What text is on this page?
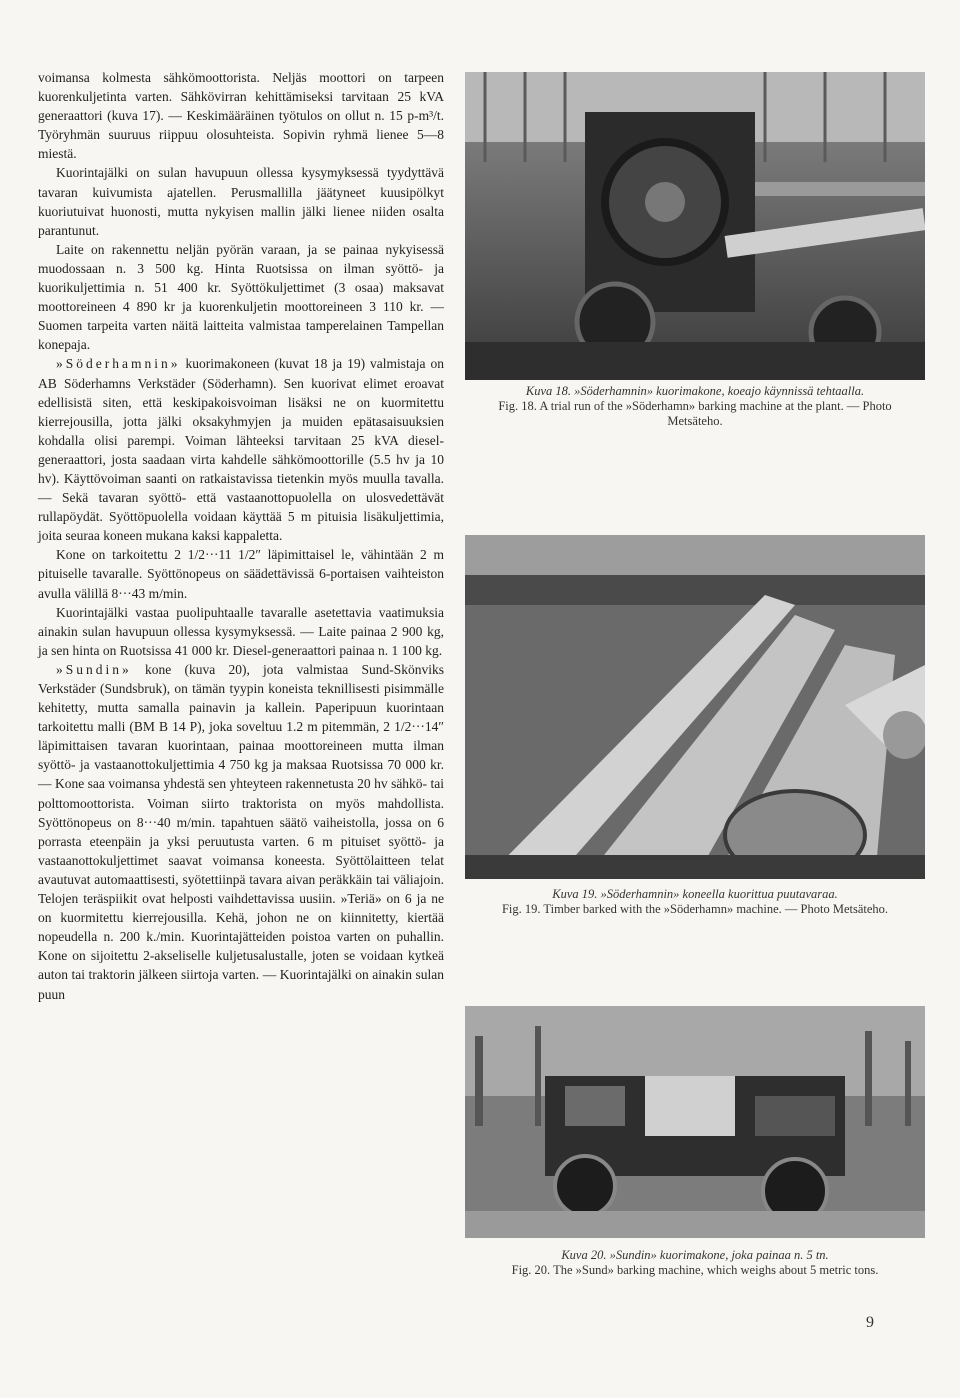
voimansa kolmesta sähkömoottorista. Neljäs moottori on tarpeen kuorenkuljetinta varten. Sähkövirran kehittämiseksi tarvitaan 25 kVA generaattori (kuva 17). — Keskimääräinen työtulos on ollut n. 15 p-m³/t. Työryhmän suuruus riippuu olosuhteista. Sopivin ryhmä lienee 5—8 miestä.

Kuorintajälki on sulan havupuun ollessa kysymyksessä tyydyttävä tavaran kuivumista ajatellen. Perusmallilla jäätyneet kuusipölkyt kuoriutuivat huonosti, mutta nykyisen mallin jälki lienee niiden osalta parantunut.

Laite on rakennettu neljän pyörän varaan, ja se painaa nykyisessä muodossaan n. 3 500 kg. Hinta Ruotsissa on ilman syöttö- ja kuorikuljettimia n. 51 400 kr. Syöttökuljettimet (3 osaa) maksavat moottoreineen 4 890 kr ja kuorenkuljetin moottoreineen 3 110 kr. — Suomen tarpeita varten näitä laitteita valmistaa tamperelainen Tampellan konepaja.

»Söderhamnin» kuorimakoneen (kuvat 18 ja 19) valmistaja on AB Söderhamns Verkstäder (Söderhamn). Sen kuorivat elimet eroavat edellisistä siten, että keskipakoisvoiman lisäksi ne on kuormitettu kierrejousilla, jotta jälki oksakyhmyjen ja muiden epätasaisuuksien kohdalla olisi parempi. Voiman lähteeksi tarvitaan 25 kVA diesel-generaattori, josta saadaan virta kahdelle sähkömoottorille (5.5 hv ja 10 hv). Käyttövoiman saanti on ratkaistavissa tietenkin myös muulla tavalla. — Sekä tavaran syöttö- että vastaanottopuolella on ulosvedettävät rullapöydät. Syöttöpuolella voidaan käyttää 5 m pituisia lisäkuljettimia, joita seuraa koneen mukana kaksi kappaletta.

Kone on tarkoitettu 2 1/2···11 1/2″ läpimittaisel le, vähintään 2 m pituiselle tavaralle. Syöttönopeus on säädettävissä 6-portaisen vaihteiston avulla välillä 8···43 m/min.

Kuorintajälki vastaa puolipuhtaalle tavaralle asetettavia vaatimuksia ainakin sulan havupuun ollessa kysymyksessä. — Laite painaa 2 900 kg, ja sen hinta on Ruotsissa 41 000 kr. Diesel-generaattori painaa n. 1 100 kg.

»Sundin» kone (kuva 20), jota valmistaa Sund-Skönviks Verkstäder (Sundsbruk), on tämän tyypin koneista teknillisesti pisimmälle kehitetty, mutta samalla painavin ja kallein. Paperipuun kuorintaan tarkoitettu malli (BM B 14 P), joka soveltuu 1.2 m pitemmän, 2 1/2···14″ läpimittaisen tavaran kuorintaan, painaa moottoreineen mutta ilman syöttö- ja vastaanottokuljettimia 4 750 kg ja maksaa Ruotsissa 70 000 kr. — Kone saa voimansa yhdestä sen yhteyteen rakennetusta 20 hv sähkö- tai polttomoottorista. Voiman siirto traktorista on myös mahdollista. Syöttönopeus on 8···40 m/min. tapahtuen säätö vaiheistolla, jossa on 6 porrasta eteenpäin ja yksi peruutusta varten. 6 m pituiset syöttö- ja vastaanottokuljettimet saavat voimansa koneesta. Syöttölaitteen telat avautuvat automaattisesti, syötettiinpä tavara aivan peräkkäin tai väliajoin. Telojen teräspiikit ovat helposti vaihdettavissa uusiin. »Teriä» on 6 ja ne on kuormitettu kierrejousilla. Kehä, johon ne on kiinnitetty, kiertää nopeudella n. 200 k./min. Kuorintajätteiden poistoa varten on puhallin. Kone on sijoitettu 2-akseliselle kuljetusalustalle, joten se voidaan kytkeä auton tai traktorin jälkeen siirtoja varten. — Kuorintajälki on ainakin sulan puun

Kuva 18. »Söderhamnin» kuorimakone, koeajo käynnissä tehtaalla.
Fig. 18. A trial run of the »Söderhamn» barking machine at the plant. — Photo Metsäteho.
Kuva 19. »Söderhamnin» koneella kuorittua puutavaraa.
Fig. 19. Timber barked with the »Söderhamn» machine. — Photo Metsäteho.
Kuva 20. »Sundin» kuorimakone, joka painaa n. 5 tn.
Fig. 20. The »Sund» barking machine, which weighs about 5 metric tons.
9
